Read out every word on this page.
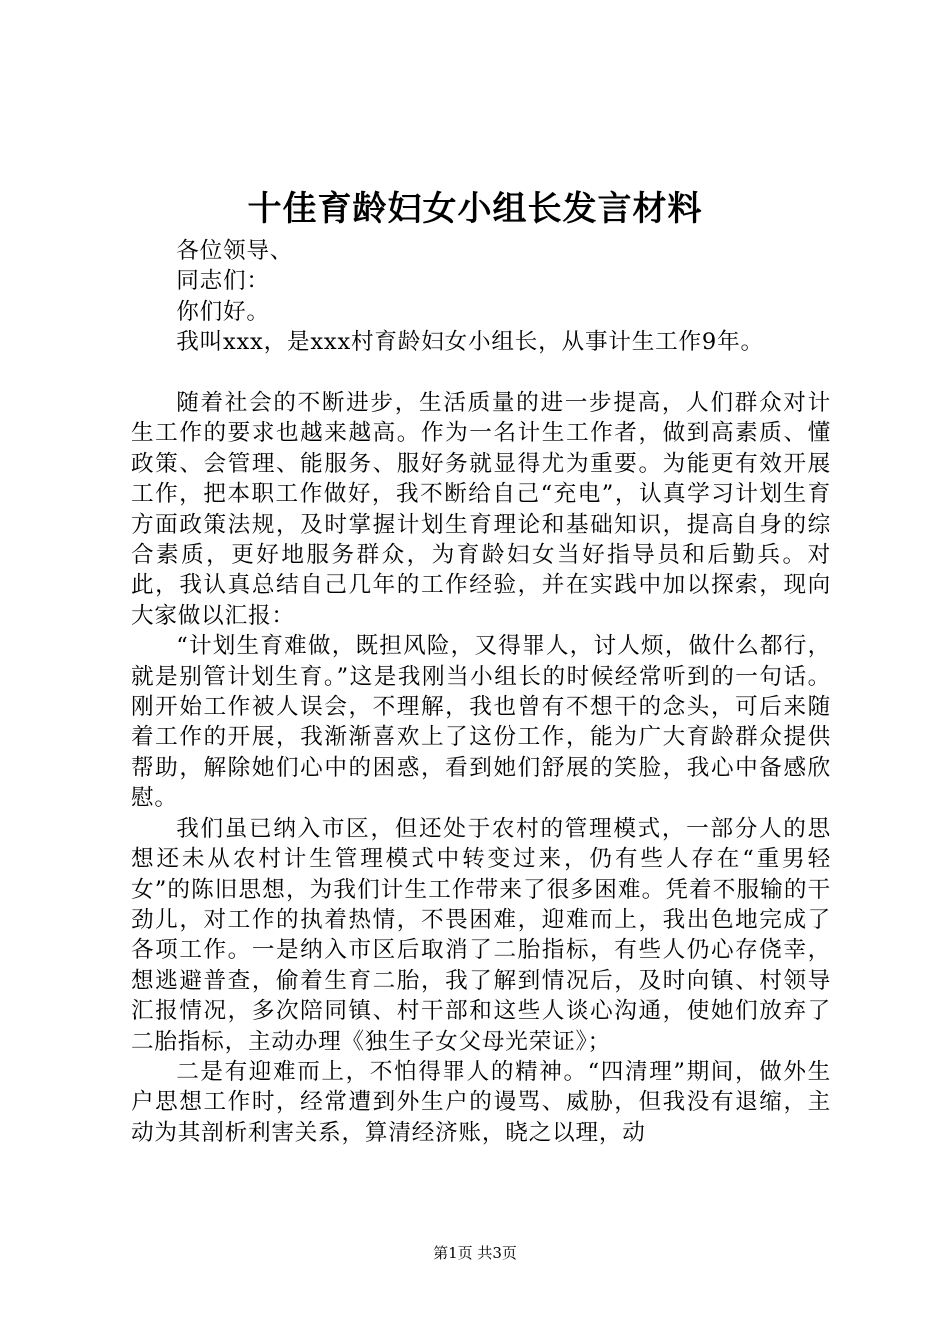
十佳育龄妇女小组长发言材料

各位领导、

同志们：

你们好。

我叫xxx，是xxx村育龄妇女小组长，从事计生工作9年。

随着社会的不断进步，生活质量的进一步提高，人们群众对计生工作的要求也越来越高。作为一名计生工作者，做到高素质、懂政策、会管理、能服务、服好务就显得尤为重要。为能更有效开展工作，把本职工作做好，我不断给自己“充电”，认真学习计划生育方面政策法规，及时掌握计划生育理论和基础知识，提高自身的综合素质，更好地服务群众，为育龄妇女当好指导员和后勤兵。对此，我认真总结自己几年的工作经验，并在实践中加以探索，现向大家做以汇报：

“计划生育难做，既担风险，又得罪人，讨人烦，做什么都行，就是别管计划生育。”这是我刚当小组长的时候经常听到的一句话。刚开始工作被人误会，不理解，我也曾有不想干的念头，可后来随着工作的开展，我渐渐喜欢上了这份工作，能为广大育龄群众提供帮助，解除她们心中的困惑，看到她们舒展的笑脸，我心中备感欣慰。

我们虽已纳入市区，但还处于农村的管理模式，一部分人的思想还未从农村计生管理模式中转变过来，仍有些人存在“重男轻女”的陈旧思想，为我们计生工作带来了很多困难。凭着不服输的干劲儿，对工作的执着热情，不畏困难，迎难而上，我出色地完成了各项工作。一是纳入市区后取消了二胎指标，有些人仍心存侥幸，想逃避普查，偷着生育二胎，我了解到情况后，及时向镇、村领导汇报情况，多次陪同镇、村干部和这些人谈心沟通，使她们放弃了二胎指标，主动办理《独生子女父母光荣证》；

二是有迎难而上，不怕得罪人的精神。“四清理”期间，做外生户思想工作时，经常遭到外生户的谩骂、威胁，但我没有退缩，主动为其剖析利害关系，算清经济账，晓之以理，动

第1页 共3页
